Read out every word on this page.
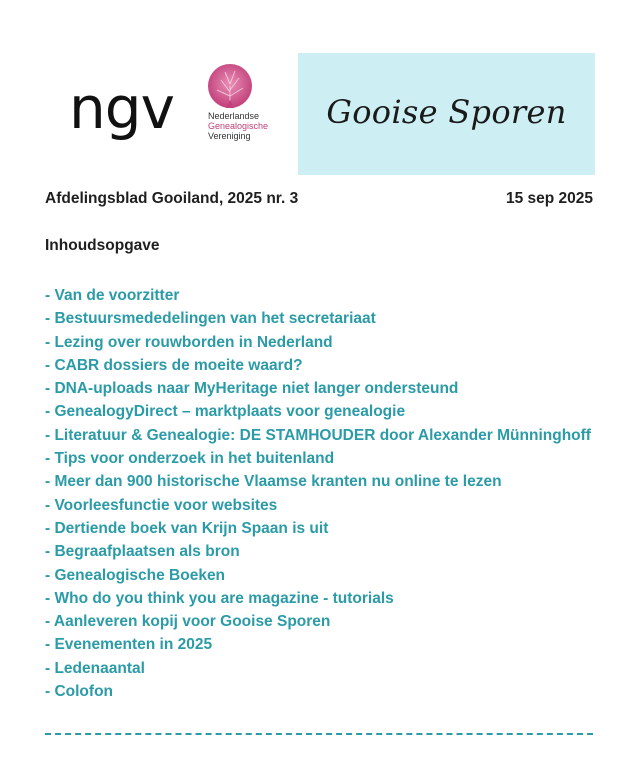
ngv	Nederlandse
Genealogische
Vereniging
Gooise Sporen
Afdelingsblad Gooiland, 2025 nr. 3	15 sep 2025
Inhoudsopgave
- Van de voorzitter
- Bestuursmededelingen van het secretariaat
- Lezing over rouwborden in Nederland
- CABR dossiers de moeite waard?
- DNA-uploads naar MyHeritage niet langer ondersteund
- GenealogyDirect – marktplaats voor genealogie
- Literatuur & Genealogie: DE STAMHOUDER door Alexander Münninghoff
- Tips voor onderzoek in het buitenland
- Meer dan 900 historische Vlaamse kranten nu online te lezen
- Voorleesfunctie voor websites
- Dertiende boek van Krijn Spaan is uit
- Begraafplaatsen als bron
- Genealogische Boeken
- Who do you think you are magazine - tutorials
- Aanleveren kopij voor Gooise Sporen
- Evenementen in 2025
- Ledenaantal
- Colofon
